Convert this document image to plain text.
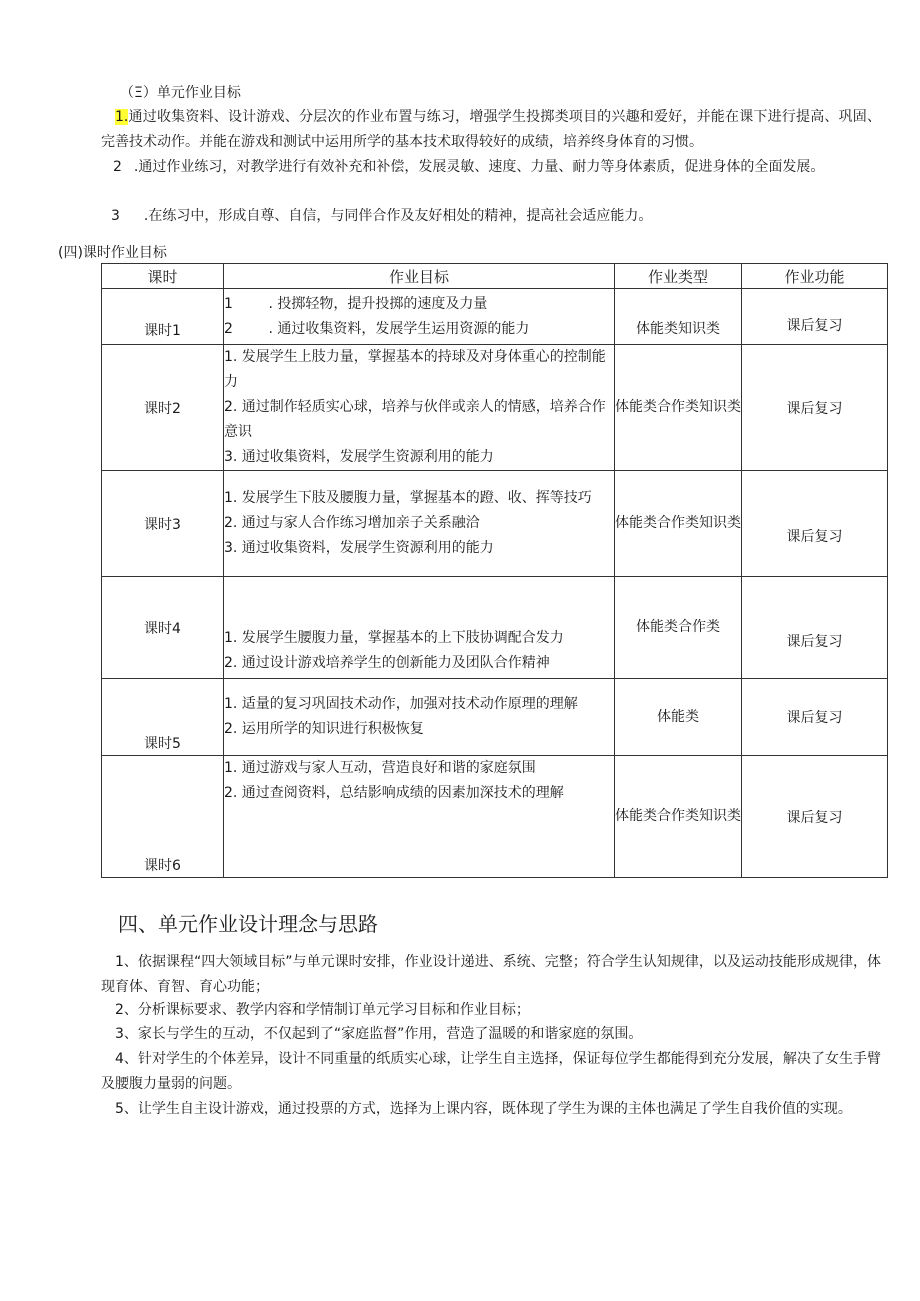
（Ξ）单元作业目标
1.通过收集资料、设计游戏、分层次的作业布置与练习，增强学生投掷类项目的兴趣和爱好，并能在课下进行提高、巩固、完善技术动作。并能在游戏和测试中运用所学的基本技术取得较好的成绩，培养终身体育的习惯。
2 .通过作业练习，对教学进行有效补充和补偿，发展灵敏、速度、力量、耐力等身体素质，促进身体的全面发展。
3 .在练习中，形成自尊、自信，与同伴合作及友好相处的精神，提高社会适应能力。
(四)课时作业目标
课时	作业目标	作业类型	作业功能
课时1	1        . 投掷轻物，提升投掷的速度及力量
2        . 通过收集资料，发展学生运用资源的能力	体能类知识类	课后复习
课时2	1. 发展学生上肢力量，掌握基本的持球及对身体重心的控制能力
2. 通过制作轻质实心球，培养与伙伴或亲人的情感，培养合作意识
3. 通过收集资料，发展学生资源利用的能力	体能类合作类知识类	课后复习
课时3	1. 发展学生下肢及腰腹力量，掌握基本的蹬、收、挥等技巧
2. 通过与家人合作练习增加亲子关系融洽
3. 通过收集资料，发展学生资源利用的能力	体能类合作类知识类	课后复习
课时4	1. 发展学生腰腹力量，掌握基本的上下肢协调配合发力
2. 通过设计游戏培养学生的创新能力及团队合作精神	体能类合作类	课后复习
课时5	1. 适量的复习巩固技术动作，加强对技术动作原理的理解
2. 运用所学的知识进行积极恢复	体能类	课后复习
课时6	1. 通过游戏与家人互动，营造良好和谐的家庭氛围
2. 通过查阅资料，总结影响成绩的因素加深技术的理解	体能类合作类知识类	课后复习
四、单元作业设计理念与思路
1、依据课程“四大领域目标”与单元课时安排，作业设计递进、系统、完整；符合学生认知规律，以及运动技能形成规律，体现育体、育智、育心功能；
2、分析课标要求、教学内容和学情制订单元学习目标和作业目标；
3、家长与学生的互动，不仅起到了“家庭监督”作用，营造了温暖的和谐家庭的氛围。
4、针对学生的个体差异，设计不同重量的纸质实心球，让学生自主选择，保证每位学生都能得到充分发展，解决了女生手臂及腰腹力量弱的问题。
5、让学生自主设计游戏，通过投票的方式，选择为上课内容，既体现了学生为课的主体也满足了学生自我价值的实现。
